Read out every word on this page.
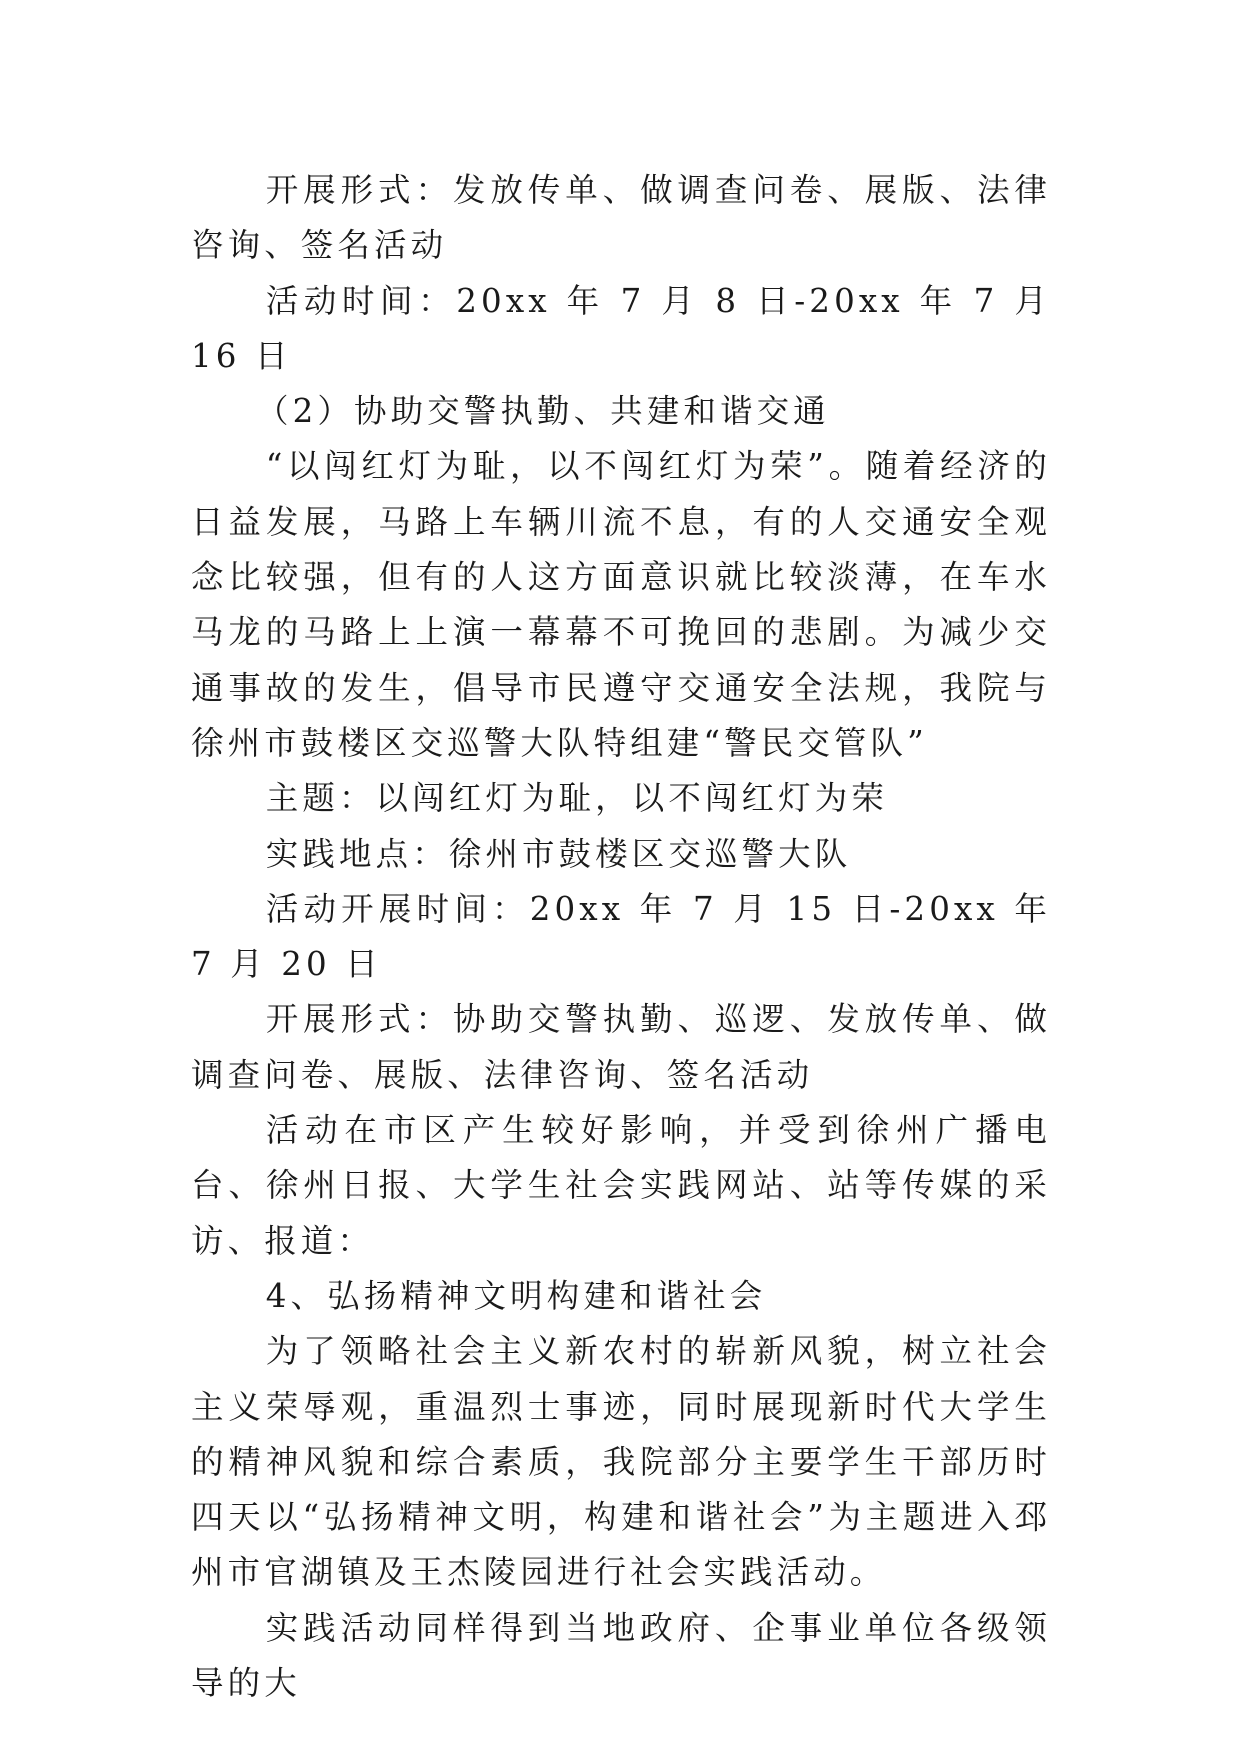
开展形式：发放传单、做调查问卷、展版、法律咨询、签名活动

活动时间：20xx 年 7 月 8 日-20xx 年 7 月 16 日

（2）协助交警执勤、共建和谐交通

“以闯红灯为耻，以不闯红灯为荣”。随着经济的日益发展，马路上车辆川流不息，有的人交通安全观念比较强，但有的人这方面意识就比较淡薄，在车水马龙的马路上上演一幕幕不可挽回的悲剧。为减少交通事故的发生，倡导市民遵守交通安全法规，我院与徐州市鼓楼区交巡警大队特组建“警民交管队”

主题：以闯红灯为耻，以不闯红灯为荣

实践地点：徐州市鼓楼区交巡警大队

活动开展时间：20xx 年 7 月 15 日-20xx 年 7 月 20 日

开展形式：协助交警执勤、巡逻、发放传单、做调查问卷、展版、法律咨询、签名活动

活动在市区产生较好影响，并受到徐州广播电台、徐州日报、大学生社会实践网站、站等传媒的采访、报道：

4、弘扬精神文明构建和谐社会

为了领略社会主义新农村的崭新风貌，树立社会主义荣辱观，重温烈士事迹，同时展现新时代大学生的精神风貌和综合素质，我院部分主要学生干部历时四天以“弘扬精神文明，构建和谐社会”为主题进入邳州市官湖镇及王杰陵园进行社会实践活动。

实践活动同样得到当地政府、企事业单位各级领导的大
